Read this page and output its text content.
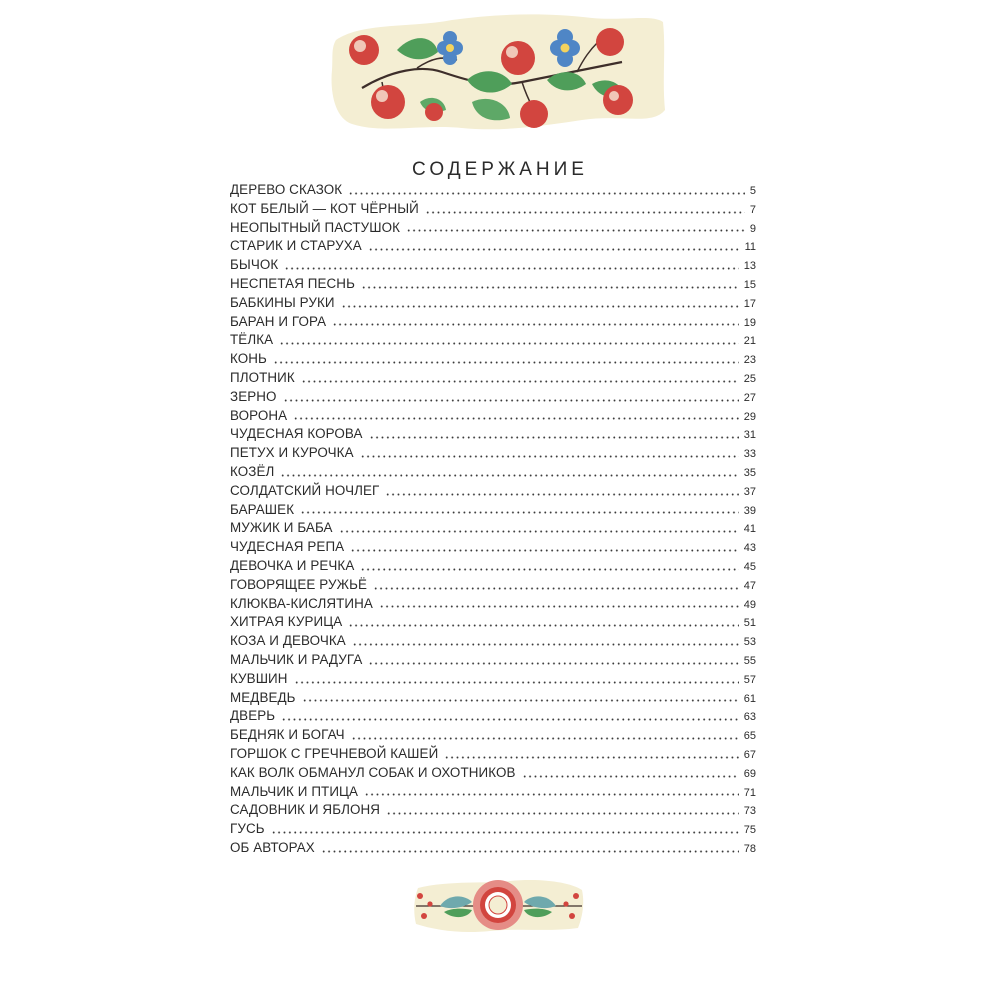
СОДЕРЖАНИЕ
ДЕРЕВО СКАЗОК	5
КОТ БЕЛЫЙ — КОТ ЧЁРНЫЙ	7
НЕОПЫТНЫЙ ПАСТУШОК	9
СТАРИК И СТАРУХА	11
БЫЧОК	13
НЕСПЕТАЯ ПЕСНЬ	15
БАБКИНЫ РУКИ	17
БАРАН И ГОРА	19
ТЁЛКА	21
КОНЬ	23
ПЛОТНИК	25
ЗЕРНО	27
ВОРОНА	29
ЧУДЕСНАЯ КОРОВА	31
ПЕТУХ И КУРОЧКА	33
КОЗЁЛ	35
СОЛДАТСКИЙ НОЧЛЕГ	37
БАРАШЕК	39
МУЖИК И БАБА	41
ЧУДЕСНАЯ РЕПА	43
ДЕВОЧКА И РЕЧКА	45
ГОВОРЯЩЕЕ РУЖЬЁ	47
КЛЮКВА-КИСЛЯТИНА	49
ХИТРАЯ КУРИЦА	51
КОЗА И ДЕВОЧКА	53
МАЛЬЧИК И РАДУГА	55
КУВШИН	57
МЕДВЕДЬ	61
ДВЕРЬ	63
БЕДНЯК И БОГАЧ	65
ГОРШОК С ГРЕЧНЕВОЙ КАШЕЙ	67
КАК ВОЛК ОБМАНУЛ СОБАК И ОХОТНИКОВ	69
МАЛЬЧИК И ПТИЦА	71
САДОВНИК И ЯБЛОНЯ	73
ГУСЬ	75
ОБ АВТОРАХ	78
